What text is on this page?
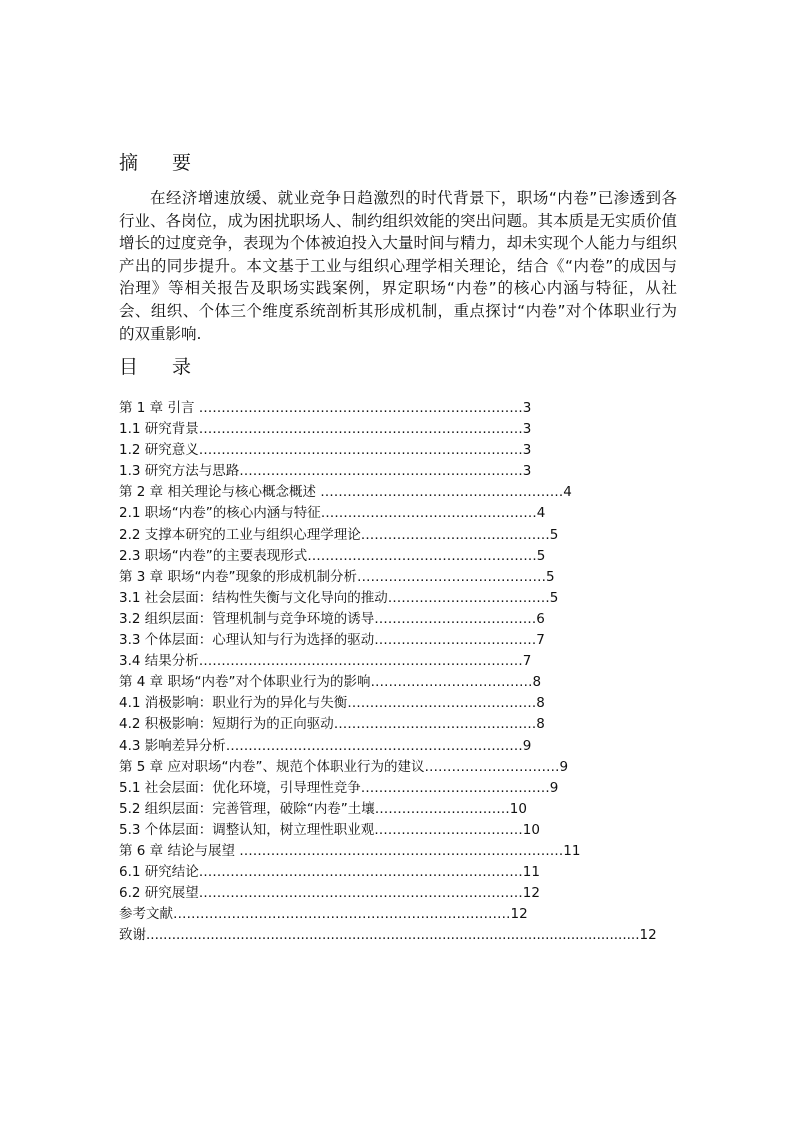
摘 要

在经济增速放缓、就业竞争日趋激烈的时代背景下，职场“内卷”已渗透到各行业、各岗位，成为困扰职场人、制约组织效能的突出问题。其本质是无实质价值增长的过度竞争，表现为个体被迫投入大量时间与精力，却未实现个人能力与组织产出的同步提升。本文基于工业与组织心理学相关理论，结合《“内卷”的成因与治理》等相关报告及职场实践案例，界定职场“内卷”的核心内涵与特征，从社会、组织、个体三个维度系统剖析其形成机制，重点探讨“内卷”对个体职业行为的双重影响.

目 录
第 1 章 引言 ………………………………………………………………3
1.1 研究背景………………………………………………………………3
1.2 研究意义………………………………………………………………3
1.3 研究方法与思路………………………………………………………3
第 2 章 相关理论与核心概念概述 ………………………………………………4
2.1 职场“内卷”的核心内涵与特征…………………………………………4
2.2 支撑本研究的工业与组织心理学理论……………………………………5
2.3 职场“内卷”的主要表现形式……………………………………………5
第 3 章 职场“内卷”现象的形成机制分析……………………………………5
3.1 社会层面：结构性失衡与文化导向的推动………………………………5
3.2 组织层面：管理机制与竞争环境的诱导………………………………6
3.3 个体层面：心理认知与行为选择的驱动………………………………7
3.4 结果分析………………………………………………………………7
第 4 章 职场“内卷”对个体职业行为的影响………………………………8
4.1 消极影响：职业行为的异化与失衡……………………………………8
4.2 积极影响：短期行为的正向驱动………………………………………8
4.3 影响差异分析…………………………………………………………9
第 5 章 应对职场“内卷”、规范个体职业行为的建议…………………………9
5.1 社会层面：优化环境，引导理性竞争……………………………………9
5.2 组织层面：完善管理，破除“内卷”土壤…………………………10
5.3 个体层面：调整认知，树立理性职业观……………………………10
第 6 章 结论与展望 ………………………………………………………………11
6.1 研究结论………………………………………………………………11
6.2 研究展望………………………………………………………………12
参考文献…………………………………………………………………12
致谢...................................................................................................................12
